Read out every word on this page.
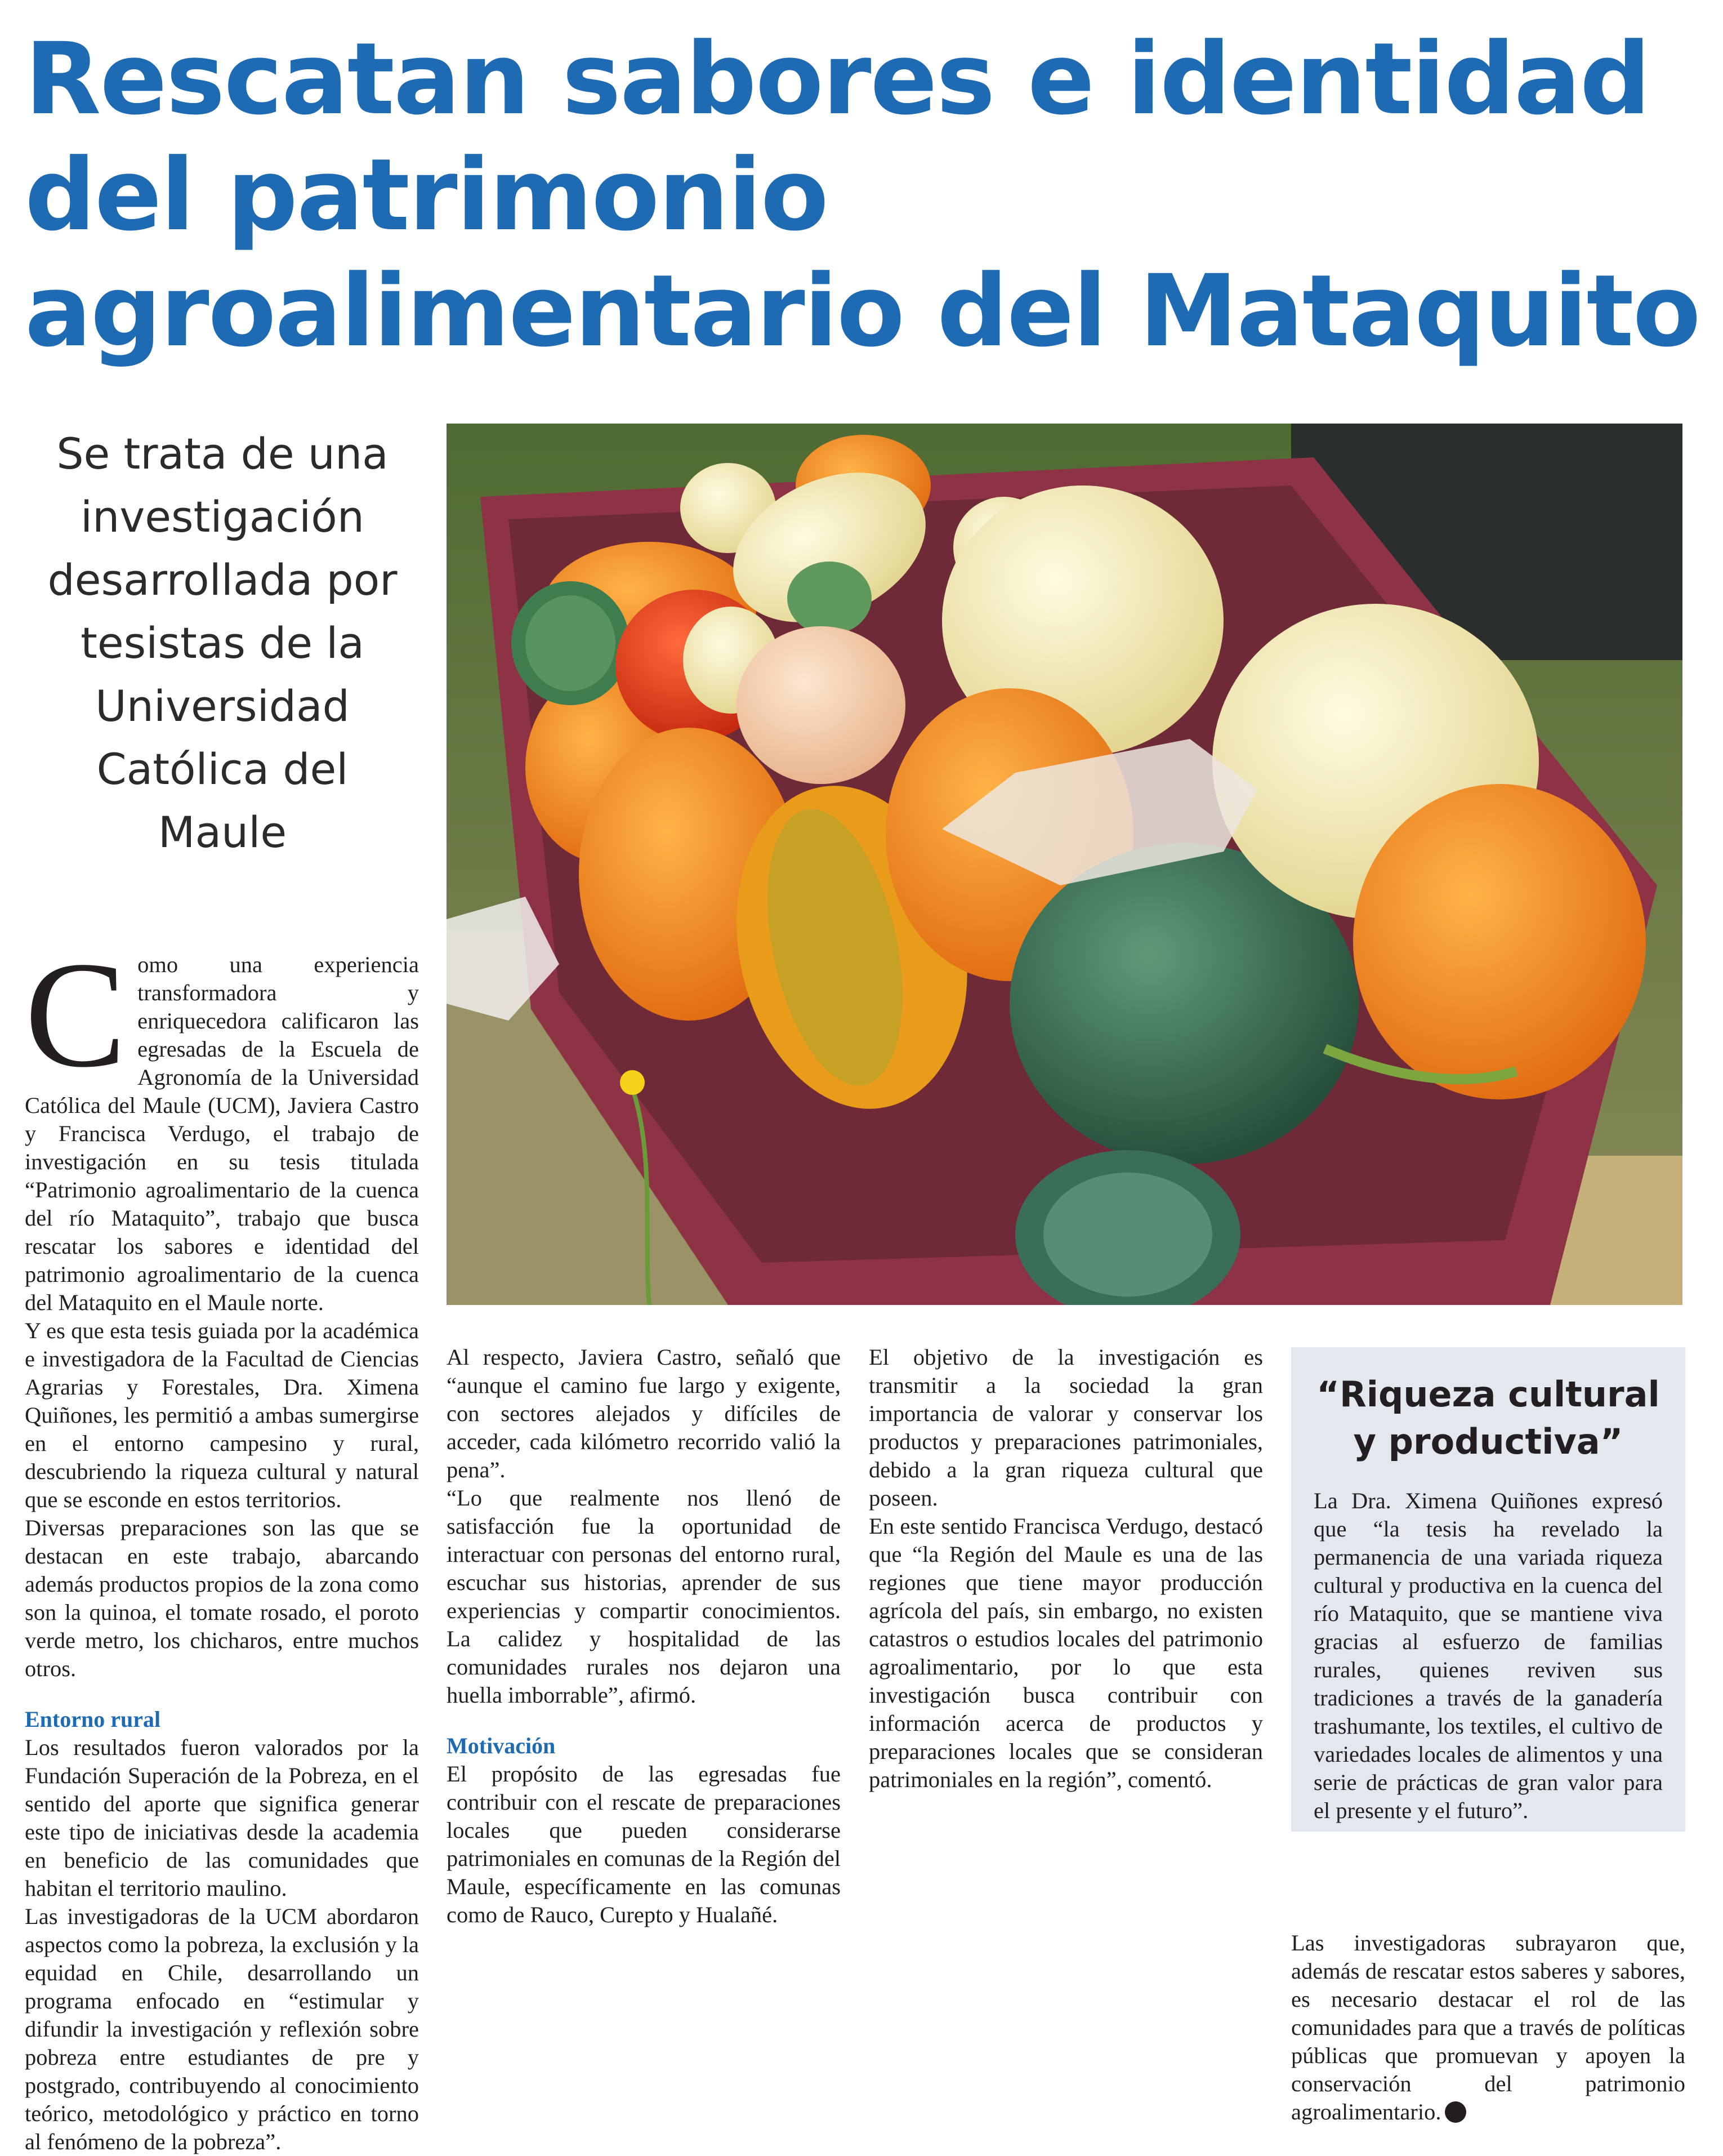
Rescatan sabores e identidad del patrimonio agroalimentario del Mataquito
Se trata de una investigación desarrollada por tesistas de la Universidad Católica del Maule

Como una experiencia transformadora y enriquecedora calificaron las egresadas de la Escuela de Agronomía de la Universidad Católica del Maule (UCM), Javiera Castro y Francisca Verdugo, el trabajo de investigación en su tesis titulada “Patrimonio agroalimentario de la cuenca del río Mataquito”, trabajo que busca rescatar los sabores e identidad del patrimonio agroalimentario de la cuenca del Mataquito en el Maule norte.

Y es que esta tesis guiada por la académica e investigadora de la Facultad de Ciencias Agrarias y Forestales, Dra. Ximena Quiñones, les permitió a ambas sumergirse en el entorno campesino y rural, descubriendo la riqueza cultural y natural que se esconde en estos territorios.

Diversas preparaciones son las que se destacan en este trabajo, abarcando además productos propios de la zona como son la quinoa, el tomate rosado, el poroto verde metro, los chicharos, entre muchos otros.

Entorno rural

Los resultados fueron valorados por la Fundación Superación de la Pobreza, en el sentido del aporte que significa generar este tipo de iniciativas desde la academia en beneficio de las comunidades que habitan el territorio maulino.

Las investigadoras de la UCM abordaron aspectos como la pobreza, la exclusión y la equidad en Chile, desarrollando un programa enfocado en “estimular y difundir la investigación y reflexión sobre pobreza entre estudiantes de pre y postgrado, contribuyendo al conocimiento teórico, metodológico y práctico en torno al fenómeno de la pobreza”.

Al respecto, Javiera Castro, señaló que “aunque el camino fue largo y exigente, con sectores alejados y difíciles de acceder, cada kilómetro recorrido valió la pena”.

“Lo que realmente nos llenó de satisfacción fue la oportunidad de interactuar con personas del entorno rural, escuchar sus historias, aprender de sus experiencias y compartir conocimientos. La calidez y hospitalidad de las comunidades rurales nos dejaron una huella imborrable”, afirmó.

Motivación

El propósito de las egresadas fue contribuir con el rescate de preparaciones locales que pueden considerarse patrimoniales en comunas de la Región del Maule, específicamente en las comunas como de Rauco, Curepto y Hualañé.

El objetivo de la investigación es transmitir a la sociedad la gran importancia de valorar y conservar los productos y preparaciones patrimoniales, debido a la gran riqueza cultural que poseen.

En este sentido Francisca Verdugo, destacó que “la Región del Maule es una de las regiones que tiene mayor producción agrícola del país, sin embargo, no existen catastros o estudios locales del patrimonio agroalimentario, por lo que esta investigación busca contribuir con información acerca de productos y preparaciones locales que se consideran patrimoniales en la región”, comentó.

“Riqueza cultural y productiva”

La Dra. Ximena Quiñones expresó que “la tesis ha revelado la permanencia de una variada riqueza cultural y productiva en la cuenca del río Mataquito, que se mantiene viva gracias al esfuerzo de familias rurales, quienes reviven sus tradiciones a través de la ganadería trashumante, los textiles, el cultivo de variedades locales de alimentos y una serie de prácticas de gran valor para el presente y el futuro”.

Las investigadoras subrayaron que, además de rescatar estos saberes y sabores, es necesario destacar el rol de las comunidades para que a través de políticas públicas que promuevan y apoyen la conservación del patrimonio agroalimentario.
